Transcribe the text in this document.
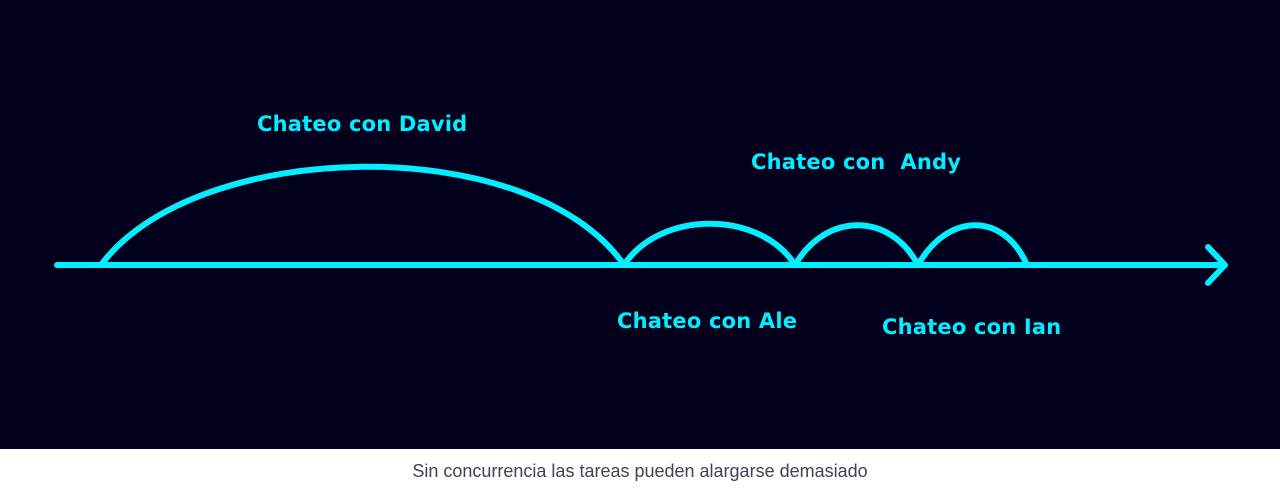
Chateo con David
Chateo con  Andy
Chateo con Ale	Chateo con Ian
Sin concurrencia las tareas pueden alargarse demasiado
